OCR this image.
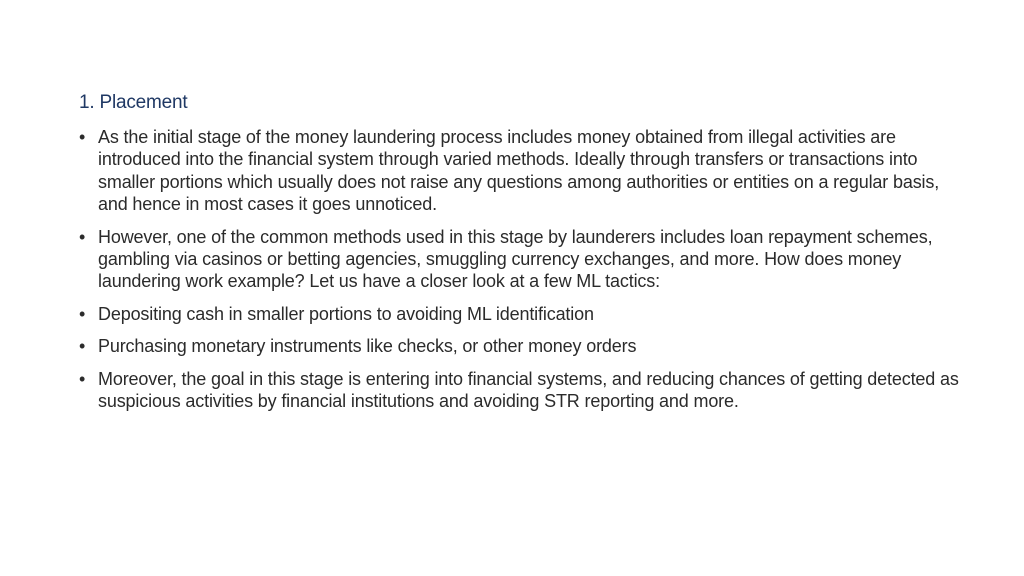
1. Placement
• As the initial stage of the money laundering process includes money obtained from illegal activities are introduced into the financial system through varied methods. Ideally through transfers or transactions into smaller portions which usually does not raise any questions among authorities or entities on a regular basis, and hence in most cases it goes unnoticed.
• However, one of the common methods used in this stage by launderers includes loan repayment schemes, gambling via casinos or betting agencies, smuggling currency exchanges, and more. How does money laundering work example? Let us have a closer look at a few ML tactics:
• Depositing cash in smaller portions to avoiding ML identification
• Purchasing monetary instruments like checks, or other money orders
• Moreover, the goal in this stage is entering into financial systems, and reducing chances of getting detected as suspicious activities by financial institutions and avoiding STR reporting and more.
